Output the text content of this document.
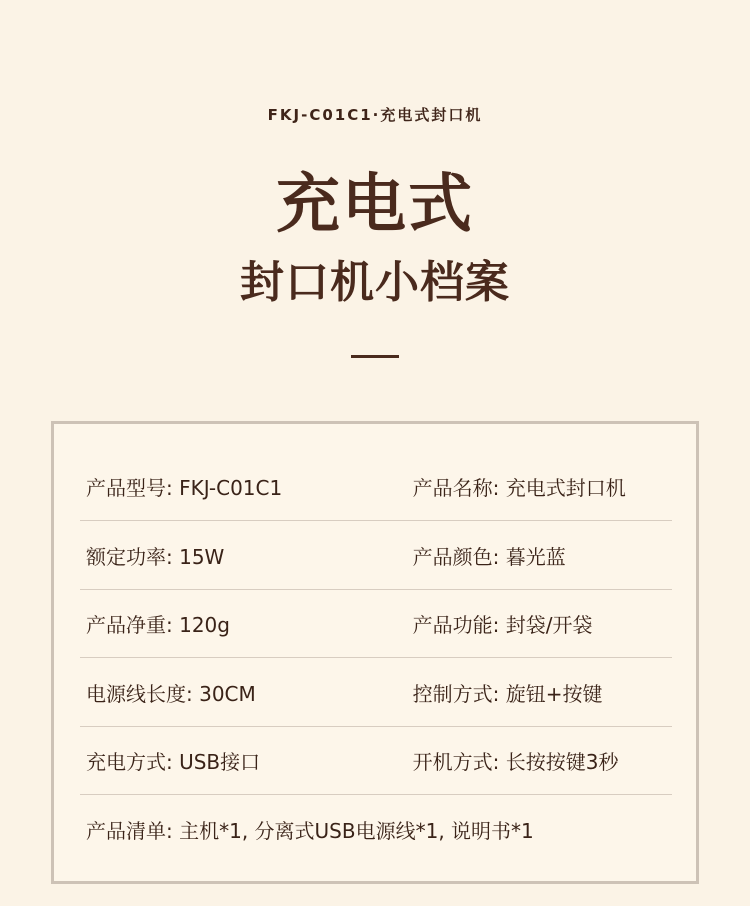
FKJ-C01C1·充电式封口机
充电式
封口机小档案
产品型号: FKJ-C01C1	产品名称: 充电式封口机
额定功率: 15W	产品颜色: 暮光蓝
产品净重: 120g	产品功能: 封袋/开袋
电源线长度: 30CM	控制方式: 旋钮+按键
充电方式: USB接口	开机方式: 长按按键3秒
产品清单: 主机*1, 分离式USB电源线*1, 说明书*1
